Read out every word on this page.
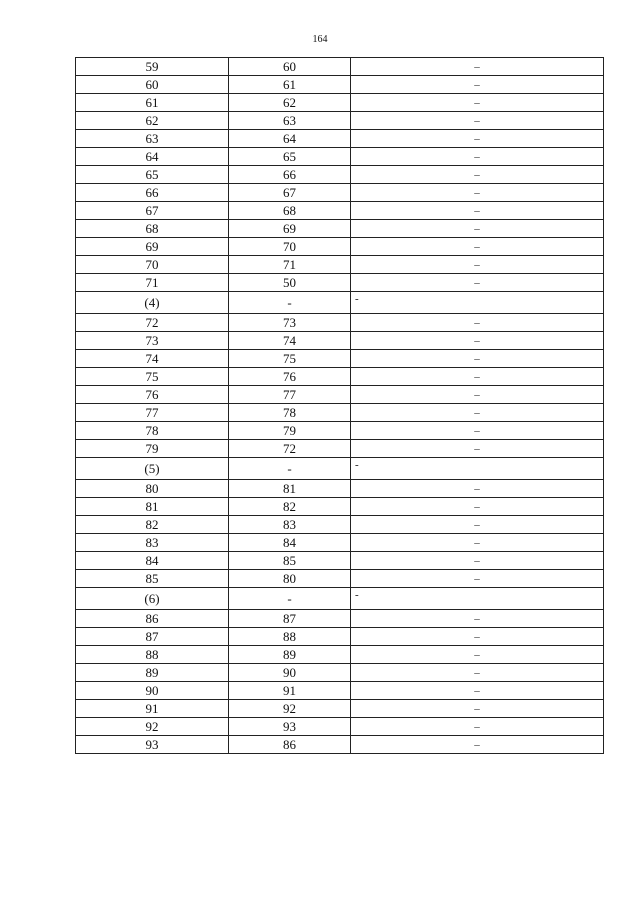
164
59	60	–
60	61	–
61	62	–
62	63	–
63	64	–
64	65	–
65	66	–
66	67	–
67	68	–
68	69	–
69	70	–
70	71	–
71	50	–
(4)	-	-
72	73	–
73	74	–
74	75	–
75	76	–
76	77	–
77	78	–
78	79	–
79	72	–
(5)	-	-
80	81	–
81	82	–
82	83	–
83	84	–
84	85	–
85	80	–
(6)	-	-
86	87	–
87	88	–
88	89	–
89	90	–
90	91	–
91	92	–
92	93	–
93	86	–
